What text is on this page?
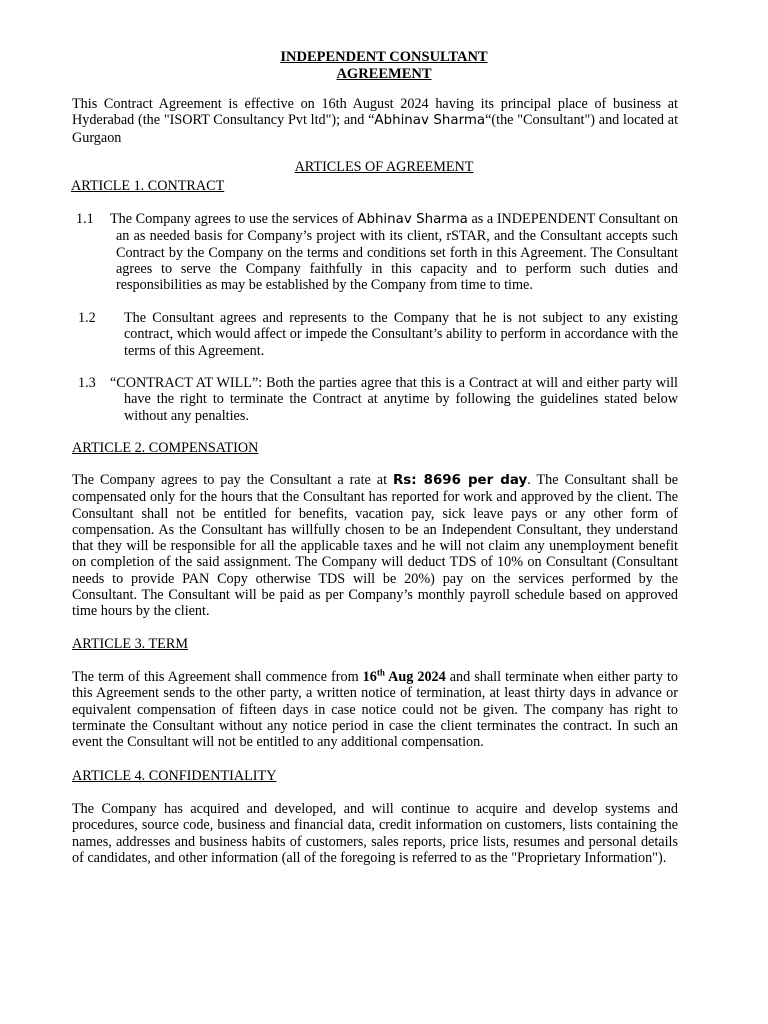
INDEPENDENT CONSULTANT
AGREEMENT
This Contract Agreement is effective on 16th August 2024 having its principal place of business at Hyderabad (the "ISORT Consultancy Pvt ltd"); and “Abhinav Sharma“(the "Consultant") and located at Gurgaon
ARTICLES OF AGREEMENT
ARTICLE 1. CONTRACT
1.1 The Company agrees to use the services of Abhinav Sharma as a INDEPENDENT Consultant on an as needed basis for Company’s project with its client, rSTAR, and the Consultant accepts such Contract by the Company on the terms and conditions set forth in this Agreement. The Consultant agrees to serve the Company faithfully in this capacity and to perform such duties and responsibilities as may be established by the Company from time to time.
1.2 The Consultant agrees and represents to the Company that he is not subject to any existing contract, which would affect or impede the Consultant’s ability to perform in accordance with the terms of this Agreement.
1.3 “CONTRACT AT WILL”: Both the parties agree that this is a Contract at will and either party will have the right to terminate the Contract at anytime by following the guidelines stated below without any penalties.
ARTICLE 2. COMPENSATION
The Company agrees to pay the Consultant a rate at Rs: 8696 per day. The Consultant shall be compensated only for the hours that the Consultant has reported for work and approved by the client. The Consultant shall not be entitled for benefits, vacation pay, sick leave pays or any other form of compensation. As the Consultant has willfully chosen to be an Independent Consultant, they understand that they will be responsible for all the applicable taxes and he will not claim any unemployment benefit on completion of the said assignment. The Company will deduct TDS of 10% on Consultant (Consultant needs to provide PAN Copy otherwise TDS will be 20%) pay on the services performed by the Consultant. The Consultant will be paid as per Company’s monthly payroll schedule based on approved time hours by the client.
ARTICLE 3. TERM
The term of this Agreement shall commence from 16th Aug 2024 and shall terminate when either party to this Agreement sends to the other party, a written notice of termination, at least thirty days in advance or equivalent compensation of fifteen days in case notice could not be given. The company has right to terminate the Consultant without any notice period in case the client terminates the contract. In such an event the Consultant will not be entitled to any additional compensation.
ARTICLE 4. CONFIDENTIALITY
The Company has acquired and developed, and will continue to acquire and develop systems and procedures, source code, business and financial data, credit information on customers, lists containing the names, addresses and business habits of customers, sales reports, price lists, resumes and personal details of candidates, and other information (all of the foregoing is referred to as the "Proprietary Information").
